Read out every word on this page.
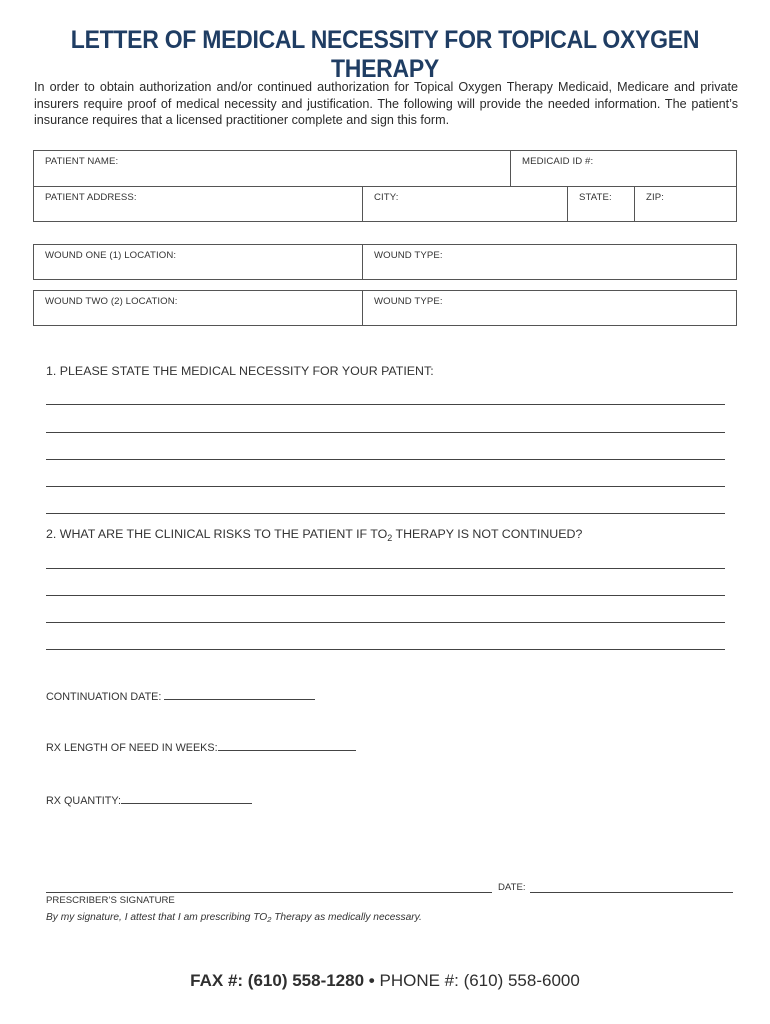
LETTER OF MEDICAL NECESSITY FOR TOPICAL OXYGEN THERAPY
In order to obtain authorization and/or continued authorization for Topical Oxygen Therapy Medicaid, Medicare and private insurers require proof of medical necessity and justification. The following will provide the needed information. The patient’s insurance requires that a licensed practitioner complete and sign this form.
PATIENT NAME:	MEDICAID ID #:
PATIENT ADDRESS:	CITY:	STATE:	ZIP:
WOUND ONE (1) LOCATION:	WOUND TYPE:
WOUND TWO (2) LOCATION:	WOUND TYPE:
1. PLEASE STATE THE MEDICAL NECESSITY FOR YOUR PATIENT:
2. WHAT ARE THE CLINICAL RISKS TO THE PATIENT IF $TO_2$ THERAPY IS NOT CONTINUED?
CONTINUATION DATE:
RX LENGTH OF NEED IN WEEKS:
RX QUANTITY:
DATE:
PRESCRIBER’S SIGNATURE
By my signature, I attest that I am prescribing $TO_2$ Therapy as medically necessary.
FAX #: (610) 558-1280 • PHONE #: (610) 558-6000
